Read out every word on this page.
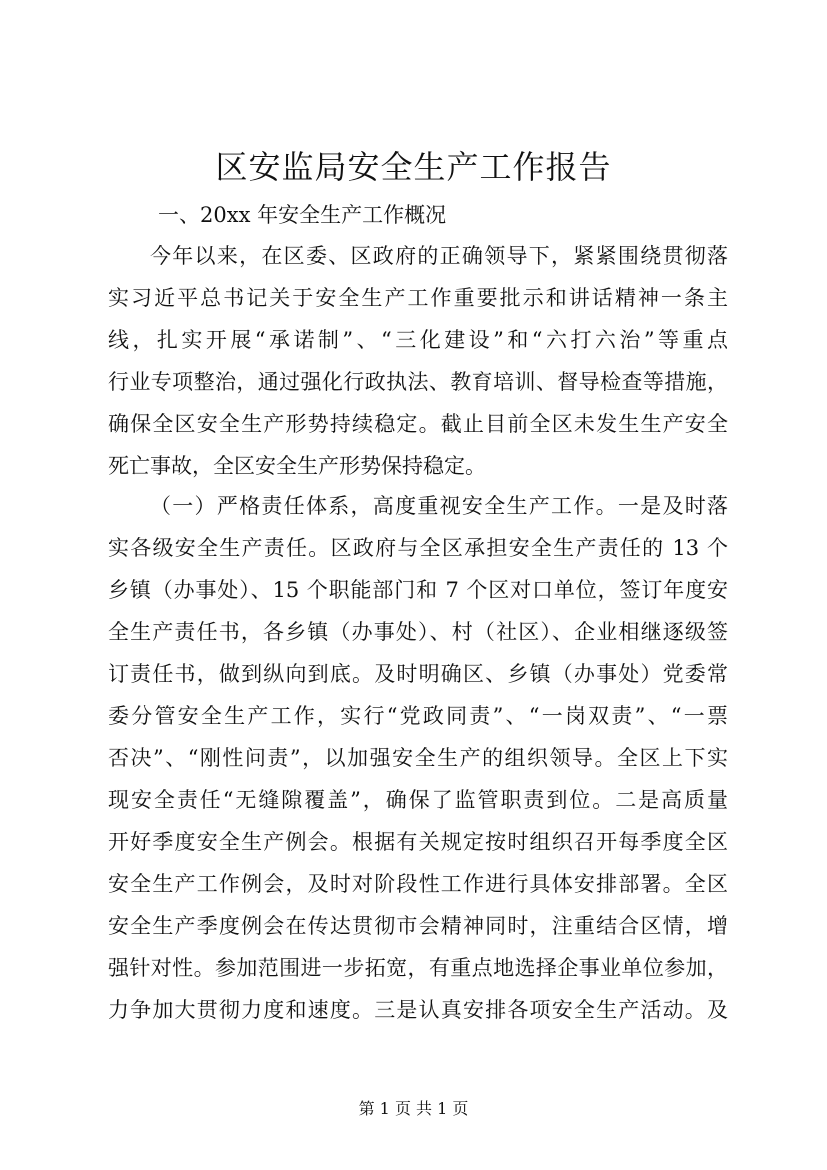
区安监局安全生产工作报告

一、20xx 年安全生产工作概况

今年以来，在区委、区政府的正确领导下，紧紧围绕贯彻落

实习近平总书记关于安全生产工作重要批示和讲话精神一条主

线，扎实开展“承诺制”、“三化建设”和“六打六治”等重点

行业专项整治，通过强化行政执法、教育培训、督导检查等措施，

确保全区安全生产形势持续稳定。截止目前全区未发生生产安全

死亡事故，全区安全生产形势保持稳定。

（一）严格责任体系，高度重视安全生产工作。一是及时落

实各级安全生产责任。区政府与全区承担安全生产责任的 13 个

乡镇（办事处）、15 个职能部门和 7 个区对口单位，签订年度安

全生产责任书，各乡镇（办事处）、村（社区）、企业相继逐级签

订责任书，做到纵向到底。及时明确区、乡镇（办事处）党委常

委分管安全生产工作，实行“党政同责”、“一岗双责”、“一票

否决”、“刚性问责”，以加强安全生产的组织领导。全区上下实

现安全责任“无缝隙覆盖”，确保了监管职责到位。二是高质量

开好季度安全生产例会。根据有关规定按时组织召开每季度全区

安全生产工作例会，及时对阶段性工作进行具体安排部署。全区

安全生产季度例会在传达贯彻市会精神同时，注重结合区情，增

强针对性。参加范围进一步拓宽，有重点地选择企事业单位参加，

力争加大贯彻力度和速度。三是认真安排各项安全生产活动。及

第 1 页 共 1 页
